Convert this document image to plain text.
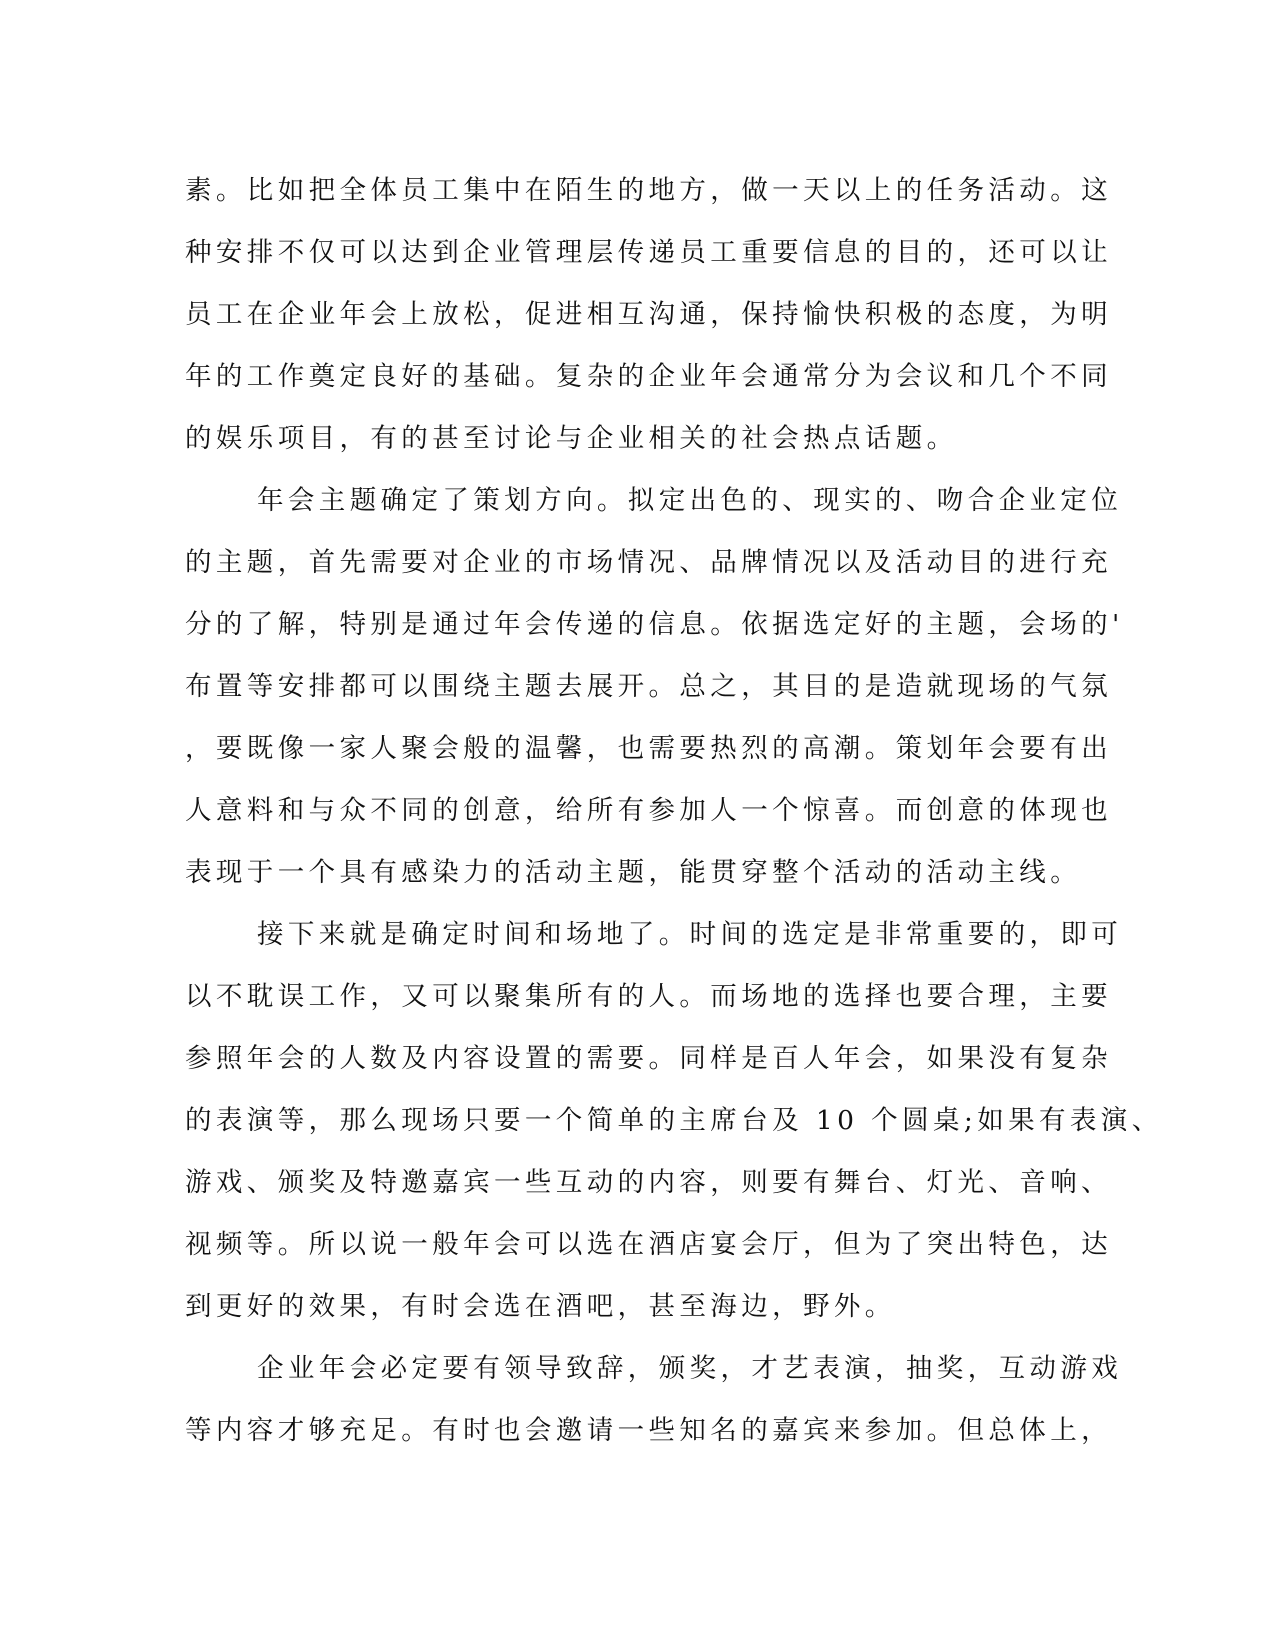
素。比如把全体员工集中在陌生的地方，做一天以上的任务活动。这
种安排不仅可以达到企业管理层传递员工重要信息的目的，还可以让
员工在企业年会上放松，促进相互沟通，保持愉快积极的态度，为明
年的工作奠定良好的基础。复杂的企业年会通常分为会议和几个不同
的娱乐项目，有的甚至讨论与企业相关的社会热点话题。
年会主题确定了策划方向。拟定出色的、现实的、吻合企业定位
的主题，首先需要对企业的市场情况、品牌情况以及活动目的进行充
分的了解，特别是通过年会传递的信息。依据选定好的主题，会场的'
布置等安排都可以围绕主题去展开。总之，其目的是造就现场的气氛
，要既像一家人聚会般的温馨，也需要热烈的高潮。策划年会要有出
人意料和与众不同的创意，给所有参加人一个惊喜。而创意的体现也
表现于一个具有感染力的活动主题，能贯穿整个活动的活动主线。
接下来就是确定时间和场地了。时间的选定是非常重要的，即可
以不耽误工作，又可以聚集所有的人。而场地的选择也要合理，主要
参照年会的人数及内容设置的需要。同样是百人年会，如果没有复杂
的表演等，那么现场只要一个简单的主席台及 10 个圆桌;如果有表演、
游戏、颁奖及特邀嘉宾一些互动的内容，则要有舞台、灯光、音响、
视频等。所以说一般年会可以选在酒店宴会厅，但为了突出特色，达
到更好的效果，有时会选在酒吧，甚至海边，野外。
企业年会必定要有领导致辞，颁奖，才艺表演，抽奖，互动游戏
等内容才够充足。有时也会邀请一些知名的嘉宾来参加。但总体上，
